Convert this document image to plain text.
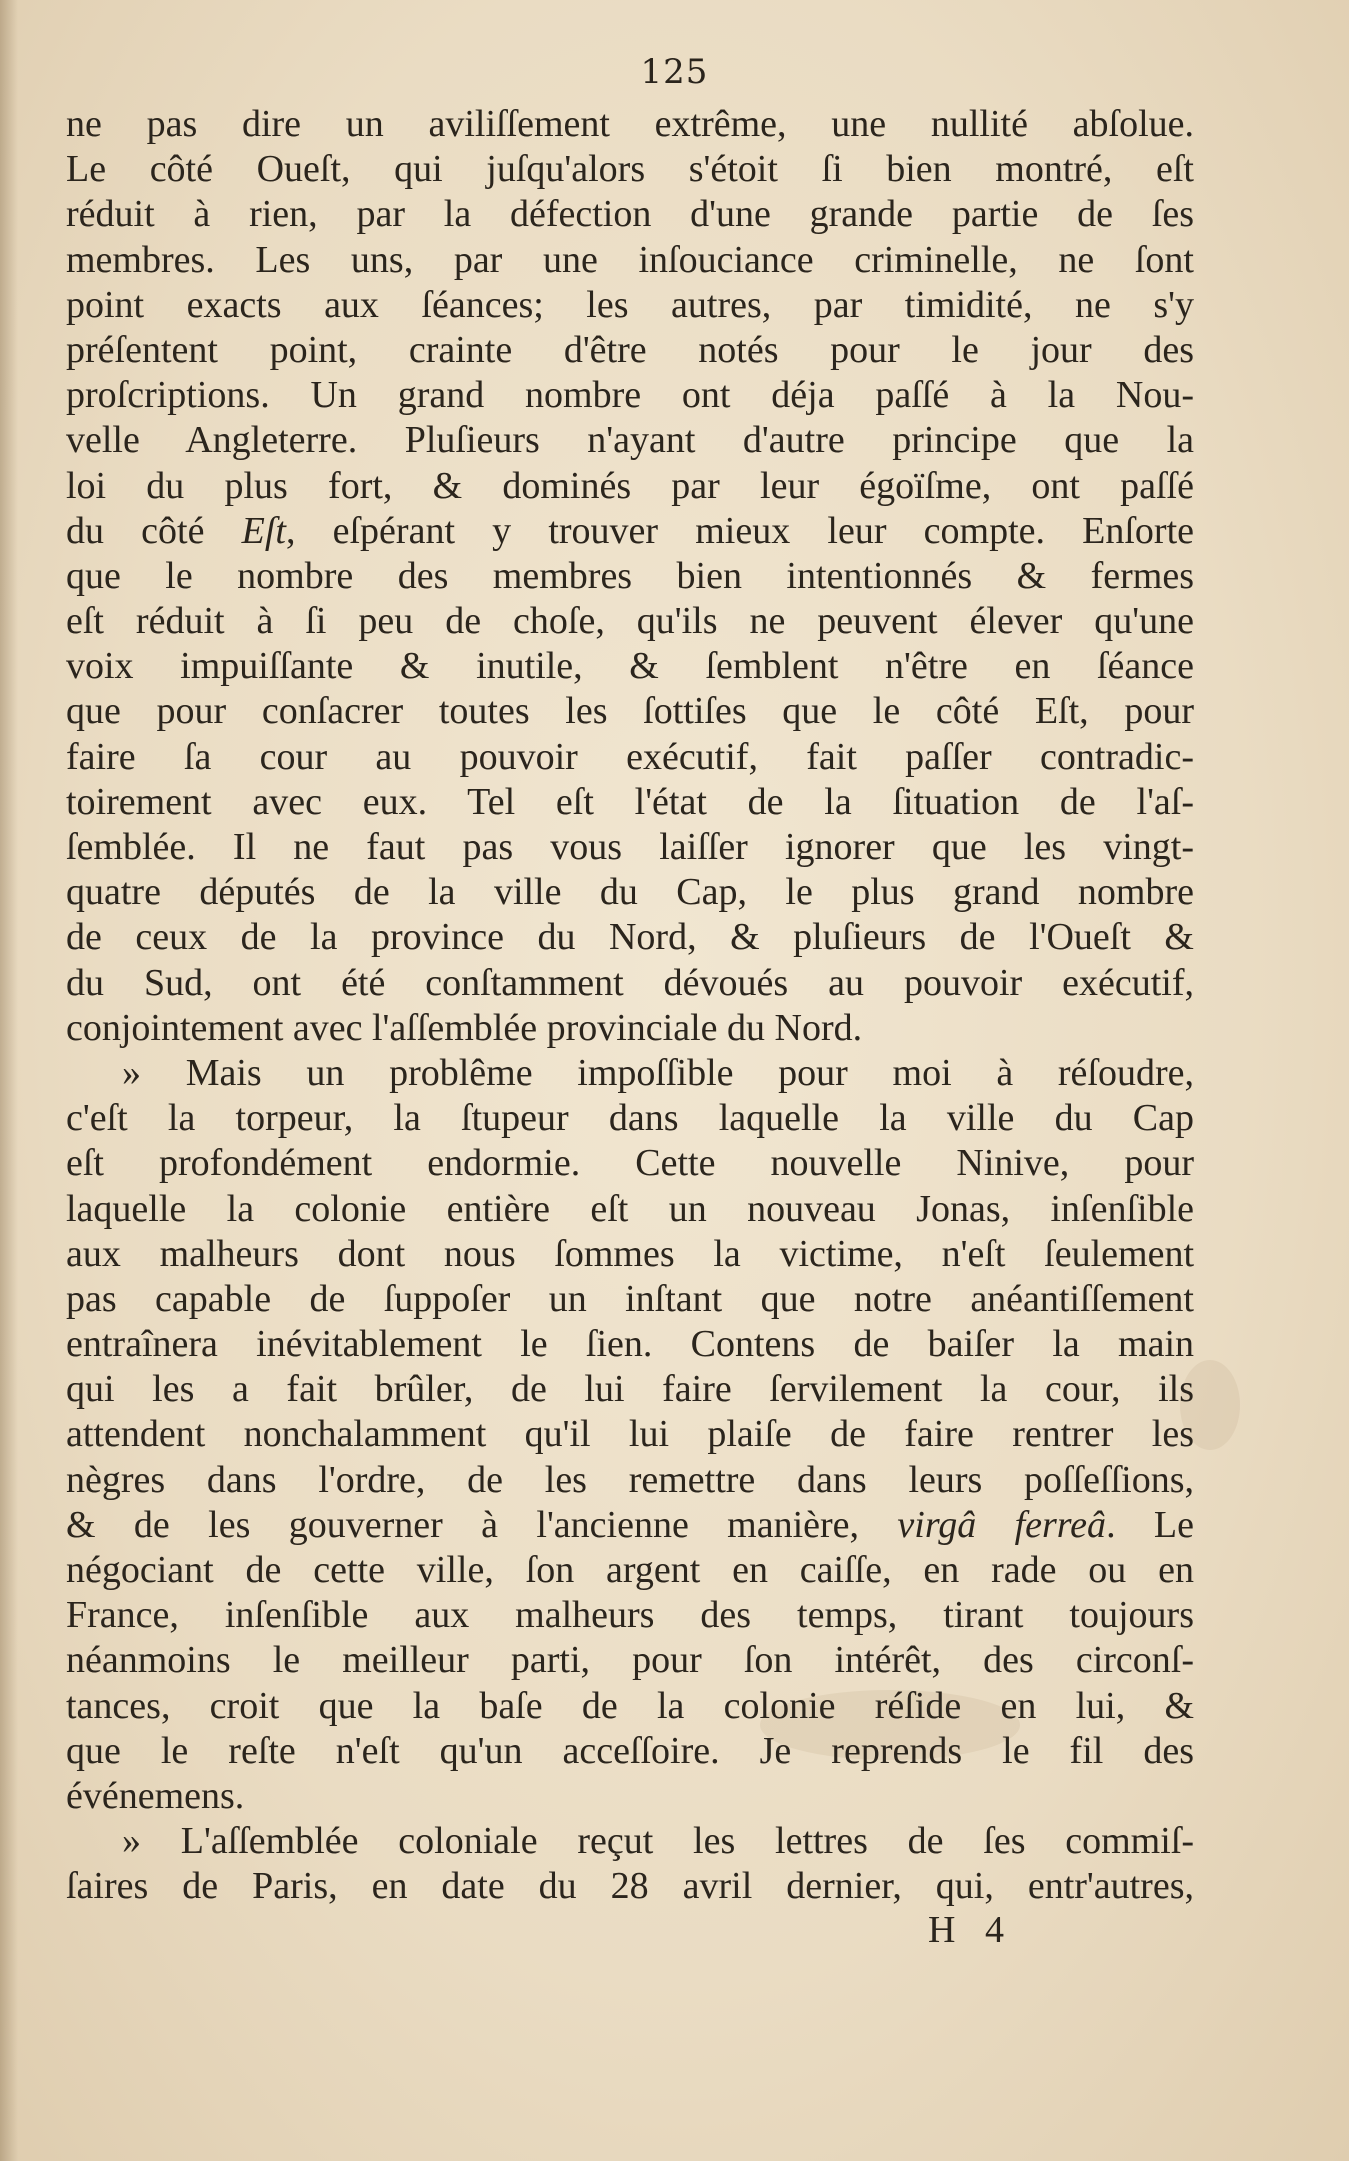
125
ne pas dire un aviliſſement extrême, une nullité abſolue.
Le côté Oueſt, qui juſqu'alors s'étoit ſi bien montré, eſt
réduit à rien, par la défection d'une grande partie de ſes
membres. Les uns, par une inſouciance criminelle, ne ſont
point exacts aux ſéances; les autres, par timidité, ne s'y
préſentent point, crainte d'être notés pour le jour des
proſcriptions. Un grand nombre ont déja paſſé à la Nou-
velle Angleterre. Pluſieurs n'ayant d'autre principe que la
loi du plus fort, & dominés par leur égoïſme, ont paſſé
du côté Eſt, eſpérant y trouver mieux leur compte. Enſorte
que le nombre des membres bien intentionnés & fermes
eſt réduit à ſi peu de choſe, qu'ils ne peuvent élever qu'une
voix impuiſſante & inutile, & ſemblent n'être en ſéance
que pour conſacrer toutes les ſottiſes que le côté Eſt, pour
faire ſa cour au pouvoir exécutif, fait paſſer contradic-
toirement avec eux. Tel eſt l'état de la ſituation de l'aſ-
ſemblée. Il ne faut pas vous laiſſer ignorer que les vingt-
quatre députés de la ville du Cap, le plus grand nombre
de ceux de la province du Nord, & pluſieurs de l'Oueſt &
du Sud, ont été conſtamment dévoués au pouvoir exécutif,
conjointement avec l'aſſemblée provinciale du Nord.
» Mais un problême impoſſible pour moi à réſoudre,
c'eſt la torpeur, la ſtupeur dans laquelle la ville du Cap
eſt profondément endormie. Cette nouvelle Ninive, pour
laquelle la colonie entière eſt un nouveau Jonas, inſenſible
aux malheurs dont nous ſommes la victime, n'eſt ſeulement
pas capable de ſuppoſer un inſtant que notre anéantiſſement
entraînera inévitablement le ſien. Contens de baiſer la main
qui les a fait brûler, de lui faire ſervilement la cour, ils
attendent nonchalamment qu'il lui plaiſe de faire rentrer les
nègres dans l'ordre, de les remettre dans leurs poſſeſſions,
& de les gouverner à l'ancienne manière, virgâ ferreâ. Le
négociant de cette ville, ſon argent en caiſſe, en rade ou en
France, inſenſible aux malheurs des temps, tirant toujours
néanmoins le meilleur parti, pour ſon intérêt, des circonſ-
tances, croit que la baſe de la colonie réſide en lui, &
que le reſte n'eſt qu'un acceſſoire. Je reprends le fil des
événemens.
» L'aſſemblée coloniale reçut les lettres de ſes commiſ-
ſaires de Paris, en date du 28 avril dernier, qui, entr'autres,
H 4
